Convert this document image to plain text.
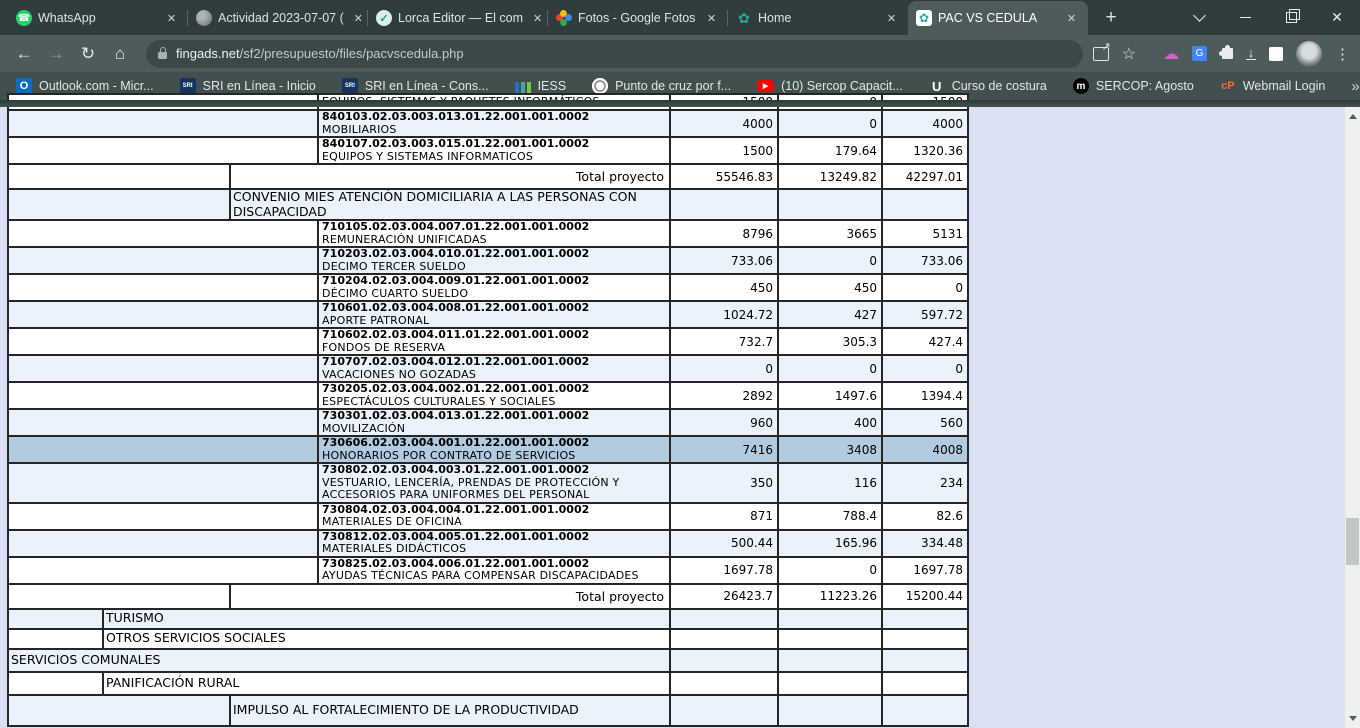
☎ WhatsApp	✕	Actividad 2023-07-07 ( ✕	✓ Lorca Editor — El com ✕	Fotos - Google Fotos	✕ ✿ Home	✕	✿ PAC VS CEDULA	✕	+	✕
← → ↻	⌂	fingads.net/sf2/presupuesto/files/pacvscedula.php	↗ ☆ ☁	G	↓	⋮
O Outlook.com - Micr...	SRI SRI en Línea - Inicio	SRI SRI en Línea - Cons...	IESS	Punto de cruz por f...	▶	(10) Sercop Capacit... U Curso de costura	m SERCOP: Agosto cP Webmail Login »

			840103.02.03.003.013.01.22.001.001.0002
MOBILIARIOS	4000	0	4000

			840107.02.03.003.015.01.22.001.001.0002
EQUIPOS Y SISTEMAS INFORMATICOS	1500	179.64	1320.36
		Total proyecto		55546.83	13249.82	42297.01
		CONVENIO MIES ATENCIÓN DOMICILIARIA A LAS PERSONAS CON DISCAPACIDAD				

			710105.02.03.004.007.01.22.001.001.0002
REMUNERACIÓN UNIFICADAS	8796	3665	5131

			710203.02.03.004.010.01.22.001.001.0002
DECIMO TERCER SUELDO	733.06	0	733.06

			710204.02.03.004.009.01.22.001.001.0002
DÉCIMO CUARTO SUELDO	450	450	0

			710601.02.03.004.008.01.22.001.001.0002
APORTE PATRONAL	1024.72	427	597.72

			710602.02.03.004.011.01.22.001.001.0002
FONDOS DE RESERVA	732.7	305.3	427.4

			710707.02.03.004.012.01.22.001.001.0002
VACACIONES NO GOZADAS	0	0	0

			730205.02.03.004.002.01.22.001.001.0002
ESPECTÁCULOS CULTURALES Y SOCIALES	2892	1497.6	1394.4

			730301.02.03.004.013.01.22.001.001.0002
MOVILIZACIÓN	960	400	560

			730606.02.03.004.001.01.22.001.001.0002
HONORARIOS POR CONTRATO DE SERVICIOS	7416	3408	4008

			730802.02.03.004.003.01.22.001.001.0002
VESTUARIO, LENCERÍA, PRENDAS DE PROTECCIÓN Y ACCESORIOS PARA UNIFORMES DEL PERSONAL	350	116	234

			730804.02.03.004.004.01.22.001.001.0002
MATERIALES DE OFICINA	871	788.4	82.6

			730812.02.03.004.005.01.22.001.001.0002
MATERIALES DIDÁCTICOS	500.44	165.96	334.48

			730825.02.03.004.006.01.22.001.001.0002
AYUDAS TÉCNICAS PARA COMPENSAR DISCAPACIDADES	1697.78	0	1697.78
		Total proyecto		26423.7	11223.26	15200.44
	TURISMO					
	OTROS SERVICIOS SOCIALES					
SERVICIOS COMUNALES						
	PANIFICACIÓN RURAL					
		IMPULSO AL FORTALECIMIENTO DE LA PRODUCTIVIDAD				
